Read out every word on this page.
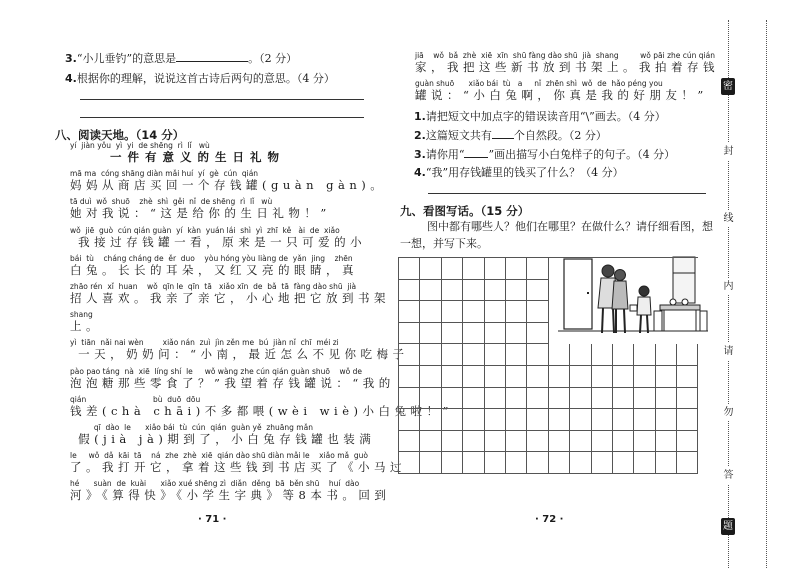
3.“小儿垂钓”的意思是	。（2 分）
4.根据你的理解，说说这首古诗后两句的意思。（4 分）
八、阅读天地。（14 分）
yí  jiàn yǒu  yì  yi  de shēng  rì  lǐ   wù
一件有意义的生日礼物
mā ma  cóng shāng diàn mǎi huí  yí  gè  cún  qián
妈妈从商店买回一个存钱罐(guàn gàn)。
tā duì  wǒ  shuō    zhè  shì  gěi  nǐ  de shēng  rì  lǐ   wù
她对我说：“这是给你的生日礼物！”
wǒ  jiē  guò  cún qián guàn  yí  kàn  yuán lái  shì  yì  zhī  kě   ài  de  xiǎo
我接过存钱罐一看，原来是一只可爱的小
bái  tù    cháng cháng de  ěr  duo    yòu hóng yòu liàng de  yǎn  jing    zhēn
白兔。长长的耳朵，又红又亮的眼睛，真
zhāo rén  xǐ  huan    wǒ  qīn le  qīn  tā   xiǎo xīn  de  bǎ  tā  fàng dào shū  jià
招人喜欢。我亲了亲它，小心地把它放到书架
shang
上。
yì  tiān  nǎi nai wèn        xiǎo nán  zuì  jìn zěn me  bú  jiàn nǐ  chī  méi zi
一天，奶奶问：“小南，最近怎么不见你吃梅子
pào pao táng  nà  xiē  líng shí  le     wǒ wàng zhe cún qián guàn shuō    wǒ de
泡泡糖那些零食了？”我望着存钱罐说：“我的
qián                            bù  duō  dōu
钱差(chà chāi)不多都喂(wèi wiè)小白兔啦！”
qī  dào  le      xiǎo bái  tù  cún  qián  guàn yě  zhuāng mǎn
假(jià jà)期到了，小白兔存钱罐也装满
le     wǒ  dǎ  kāi  tā    ná  zhe  zhè  xiē  qián dào shū diàn mǎi le    xiǎo mǎ  guò
了。我打开它，拿着这些钱到书店买了《小马过
hé      suàn  de  kuài      xiǎo xué shēng zì  diǎn  děng  bā  běn shū    huí  dào
河》《算得快》《小学生字典》等8本书。回到
· 71 ·
jiā    wǒ  bǎ  zhè  xiē  xīn  shū fàng dào shū  jià  shang         wǒ pāi zhe cún qián
家，我把这些新书放到书架上。我拍着存钱
guàn shuō      xiǎo bái  tù   a     nǐ  zhēn shì  wǒ  de  hǎo péng you
罐说：“小白兔啊，你真是我的好朋友！”
1.请把短文中加点字的错误读音用“\”画去。（4 分）
2.这篇短文共有 个自然段。（2 分）
3.请你用“ ”画出描写小白兔样子的句子。（4 分）
4.“我”用存钱罐里的钱买了什么？（4 分）
九、看图写话。（15 分）
图中都有哪些人？他们在哪里？在做什么？请仔细看图，想
一想，并写下来。
· 72 ·
密
封
线
内
请
勿
答
题
